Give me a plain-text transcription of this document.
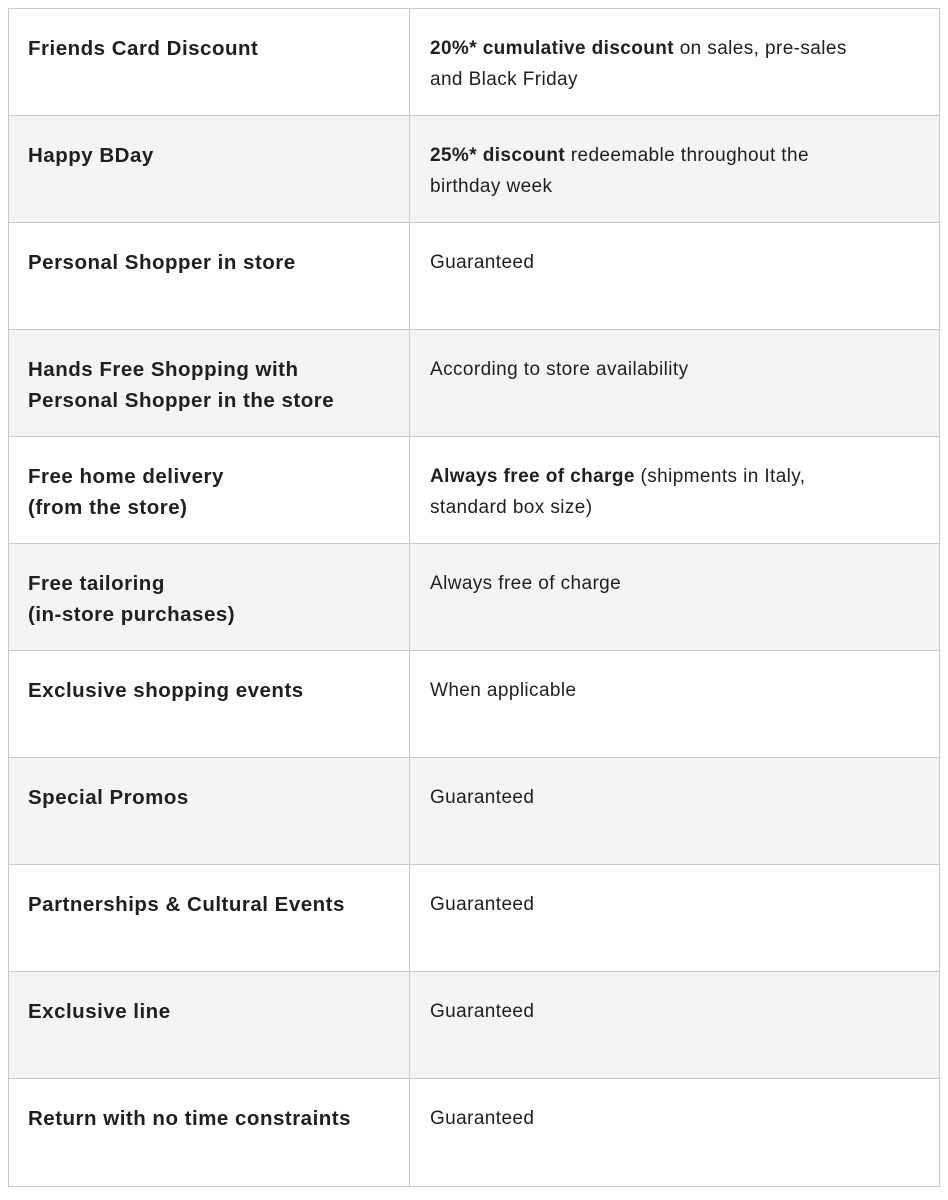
Friends Card Discount	20%* cumulative discount on sales, pre-sales
and Black Friday

Happy BDay	25%* discount redeemable throughout the
birthday week

Personal Shopper in store	Guaranteed

Hands Free Shopping with
Personal Shopper in the store	According to store availability

Free home delivery
(from the store)	Always free of charge (shipments in Italy,
standard box size)

Free tailoring
(in-store purchases)	Always free of charge

Exclusive shopping events	When applicable

Special Promos	Guaranteed

Partnerships & Cultural Events	Guaranteed

Exclusive line	Guaranteed

Return with no time constraints	Guaranteed
